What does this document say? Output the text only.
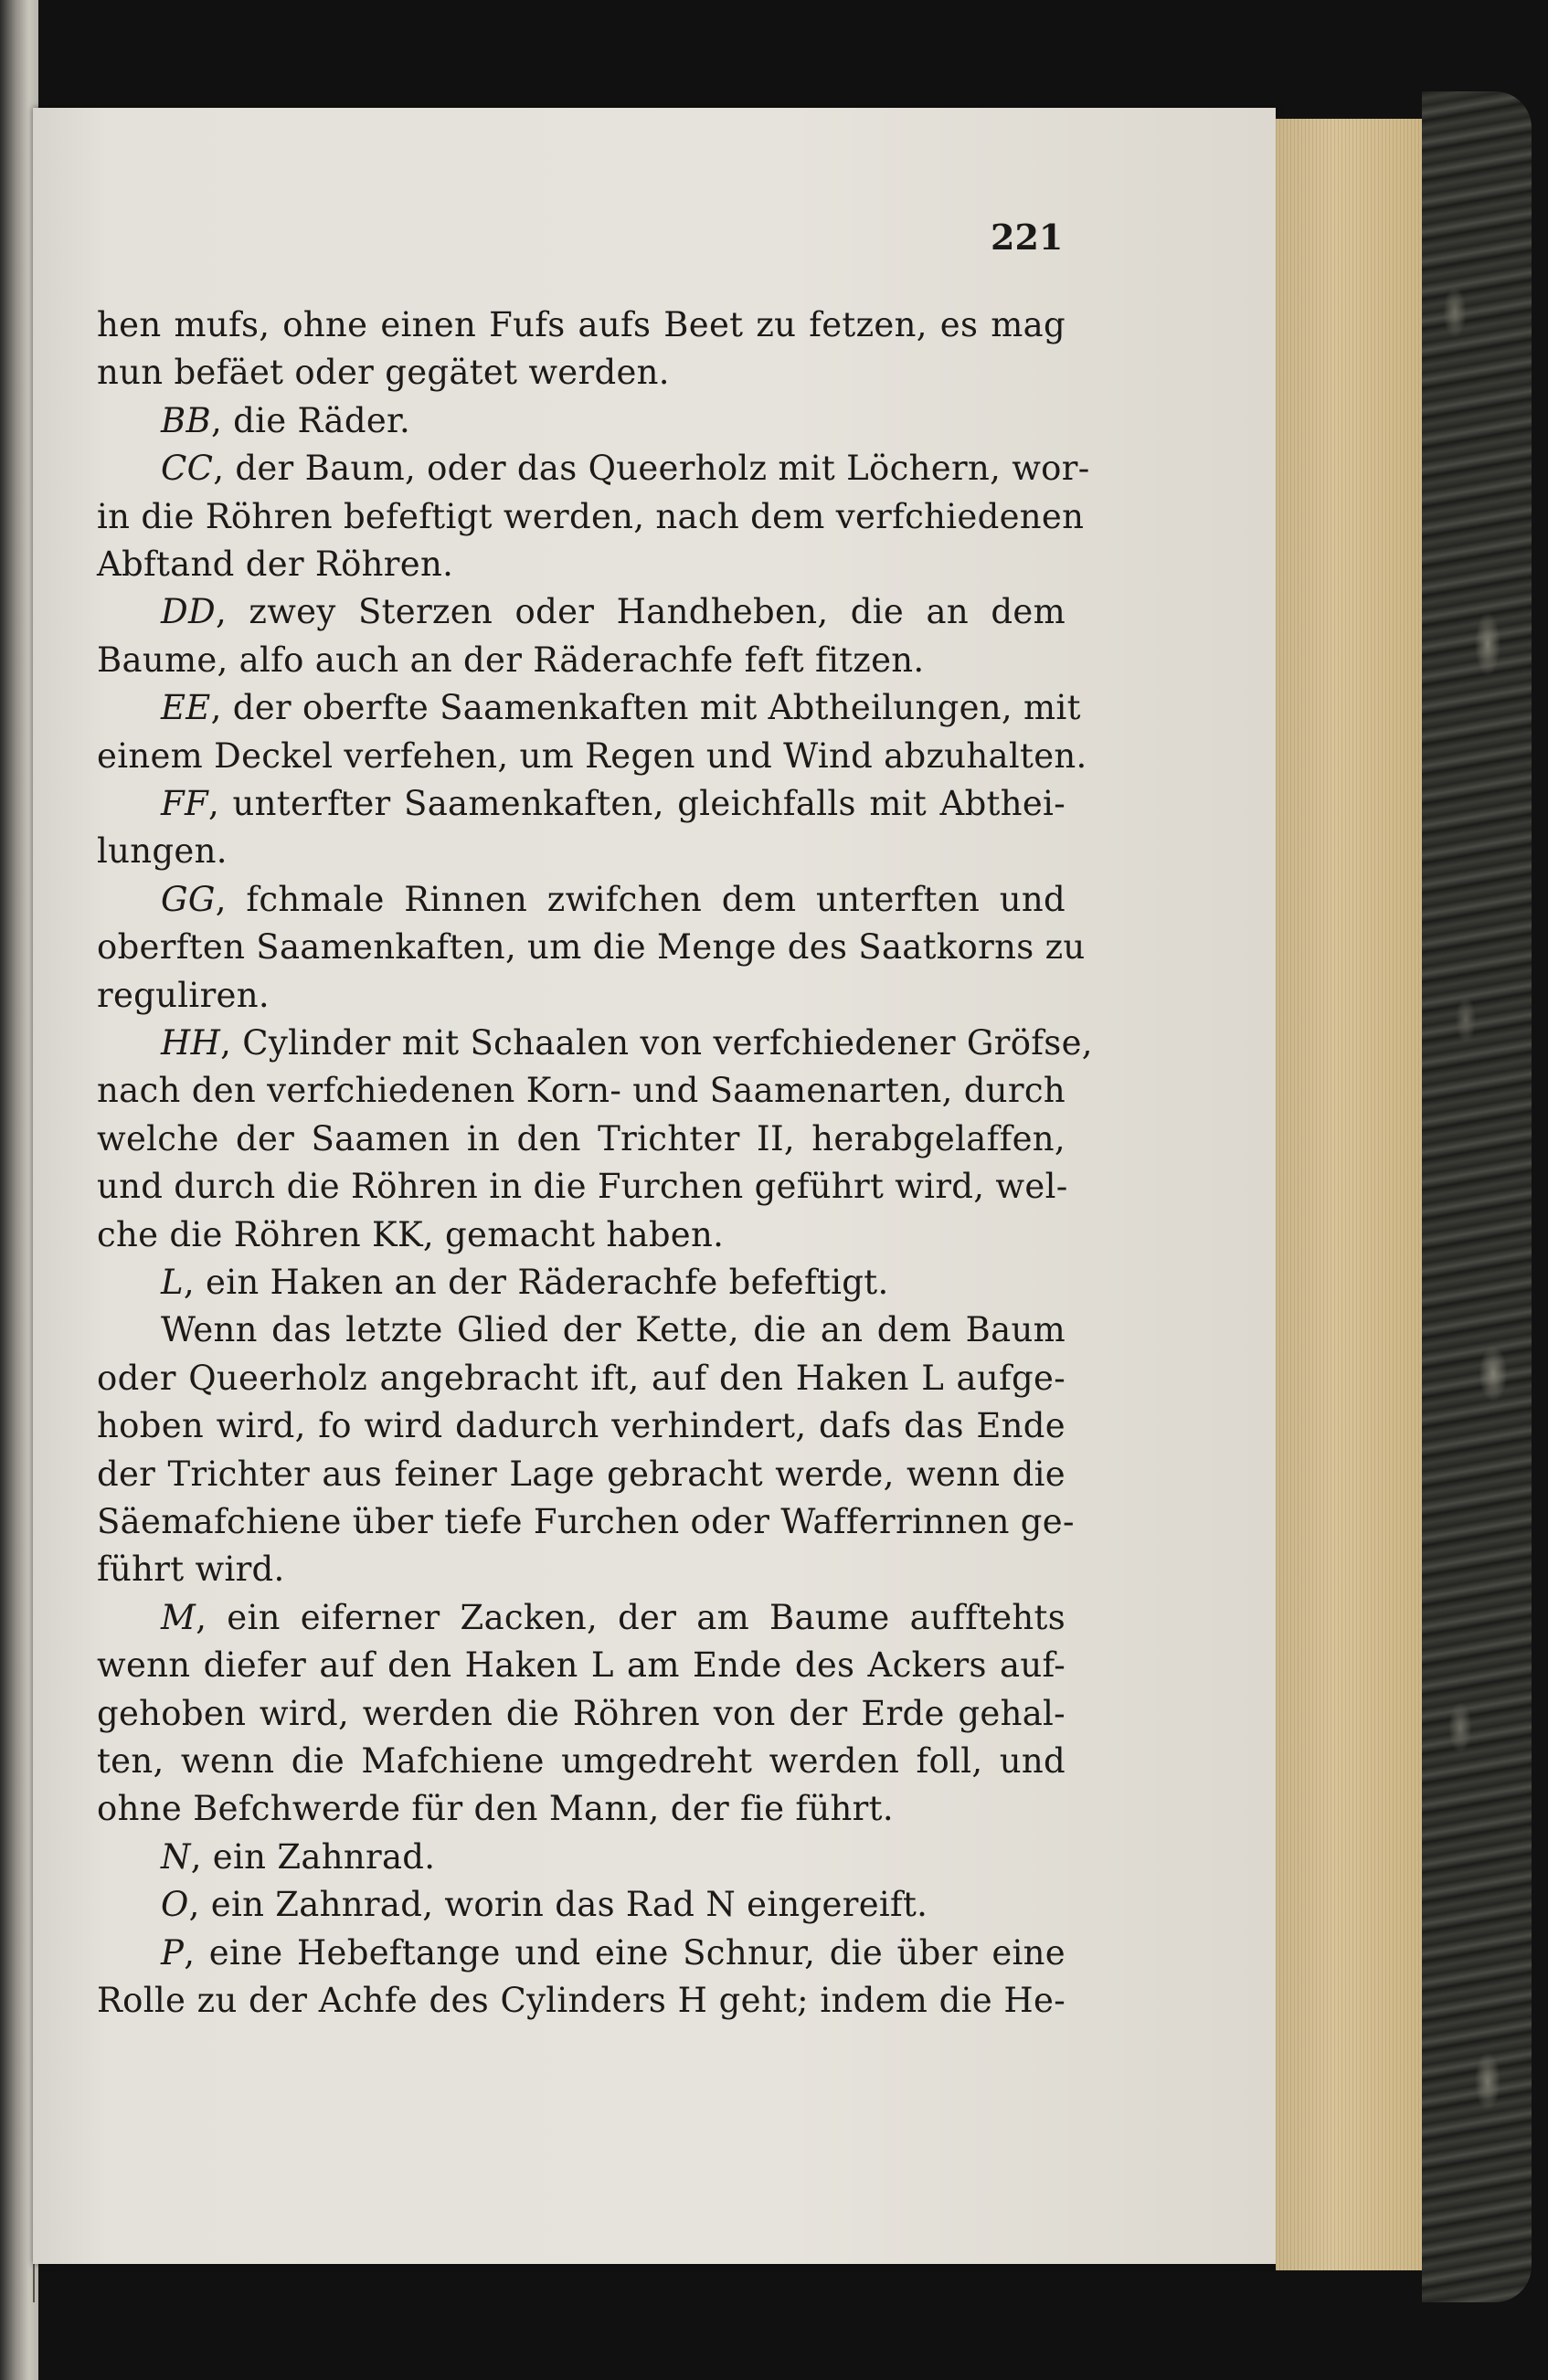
221
hen mufs, ohne einen Fufs aufs Beet zu fetzen, es mag
nun befäet oder gegätet werden.
BB, die Räder.
CC, der Baum, oder das Queerholz mit Löchern, wor-
in die Röhren befeftigt werden, nach dem verfchiedenen
Abftand der Röhren.
DD, zwey Sterzen oder Handheben, die an dem
Baume, alfo auch an der Räderachfe feft fitzen.
EE, der oberfte Saamenkaften mit Abtheilungen, mit
einem Deckel verfehen, um Regen und Wind abzuhalten.
FF, unterfter Saamenkaften, gleichfalls mit Abthei-
lungen.
GG, fchmale Rinnen zwifchen dem unterften und
oberften Saamenkaften, um die Menge des Saatkorns zu
reguliren.
HH, Cylinder mit Schaalen von verfchiedener Gröfse,
nach den verfchiedenen Korn- und Saamenarten, durch
welche der Saamen in den Trichter II, herabgelaffen,
und durch die Röhren in die Furchen geführt wird, wel-
che die Röhren KK, gemacht haben.
L, ein Haken an der Räderachfe befeftigt.
Wenn das letzte Glied der Kette, die an dem Baum
oder Queerholz angebracht ift, auf den Haken L aufge-
hoben wird, fo wird dadurch verhindert, dafs das Ende
der Trichter aus feiner Lage gebracht werde, wenn die
Säemafchiene über tiefe Furchen oder Wafferrinnen ge-
führt wird.
M, ein eiferner Zacken, der am Baume aufftehts
wenn diefer auf den Haken L am Ende des Ackers auf-
gehoben wird, werden die Röhren von der Erde gehal-
ten, wenn die Mafchiene umgedreht werden foll, und
ohne Befchwerde für den Mann, der fie führt.
N, ein Zahnrad.
O, ein Zahnrad, worin das Rad N eingereift.
P, eine Hebeftange und eine Schnur, die über eine
Rolle zu der Achfe des Cylinders H geht; indem die He-
